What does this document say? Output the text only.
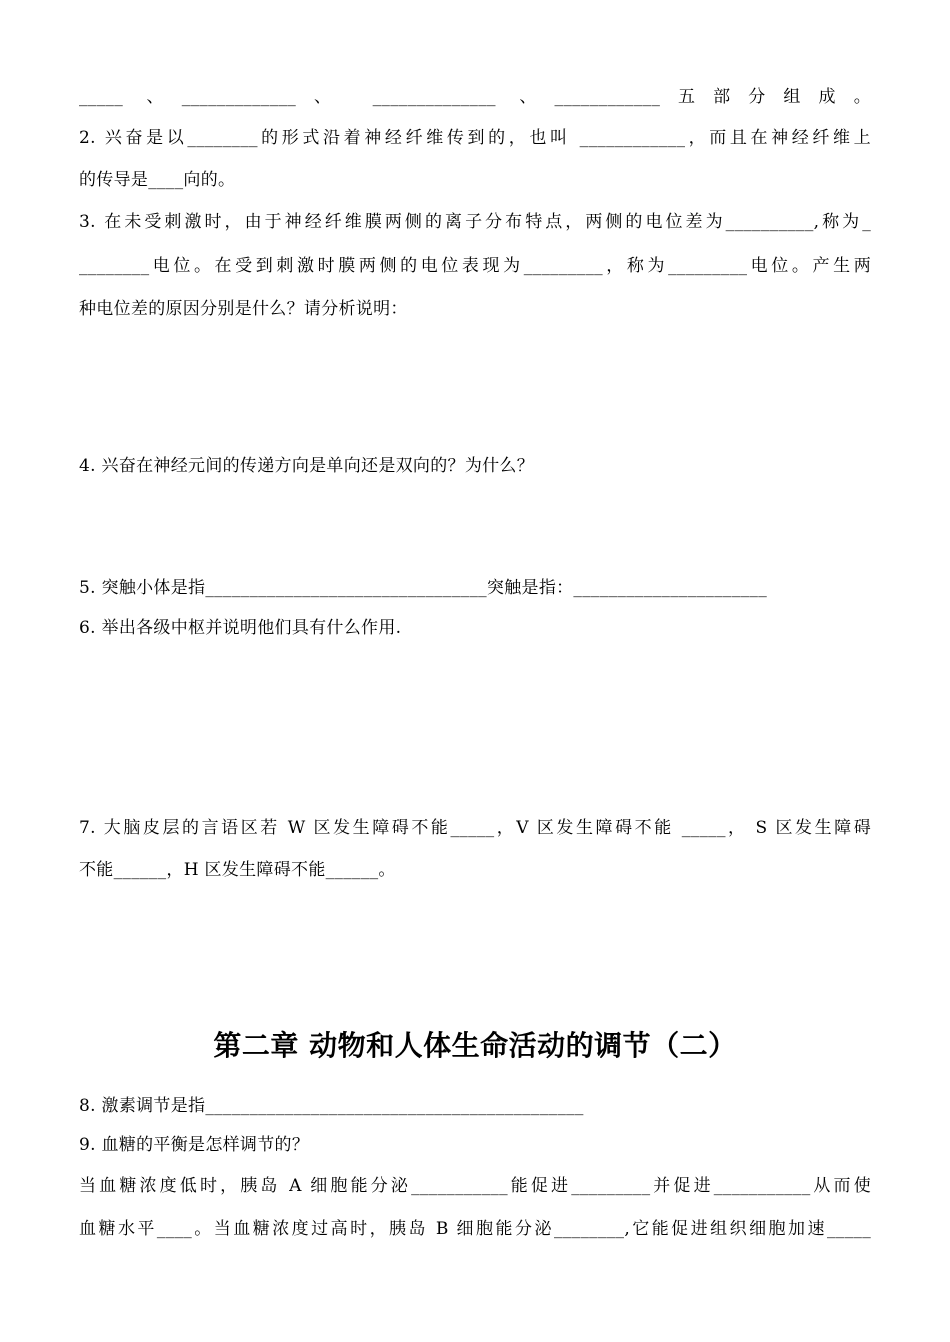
_____ 、_____________、 ______________ 、____________五部分组成。
2. 兴奋是以________的形式沿着神经纤维传到的，也叫 ____________，而且在神经纤维上
的传导是____向的。
3. 在未受刺激时，由于神经纤维膜两侧的离子分布特点，两侧的电位差为__________,称为_
________电位。在受到刺激时膜两侧的电位表现为_________，称为_________电位。产生两
种电位差的原因分别是什么？请分析说明：
4. 兴奋在神经元间的传递方向是单向还是双向的？为什么？
5. 突触小体是指________________________________突触是指：______________________
6. 举出各级中枢并说明他们具有什么作用.
7. 大脑皮层的言语区若 W 区发生障碍不能_____，V 区发生障碍不能 _____， S 区发生障碍
不能______，H 区发生障碍不能______。
第二章 动物和人体生命活动的调节（二）
8. 激素调节是指___________________________________________
9. 血糖的平衡是怎样调节的？
当血糖浓度低时，胰岛 A 细胞能分泌___________能促进_________并促进___________从而使
血糖水平____。当血糖浓度过高时，胰岛 B 细胞能分泌________,它能促进组织细胞加速_____
